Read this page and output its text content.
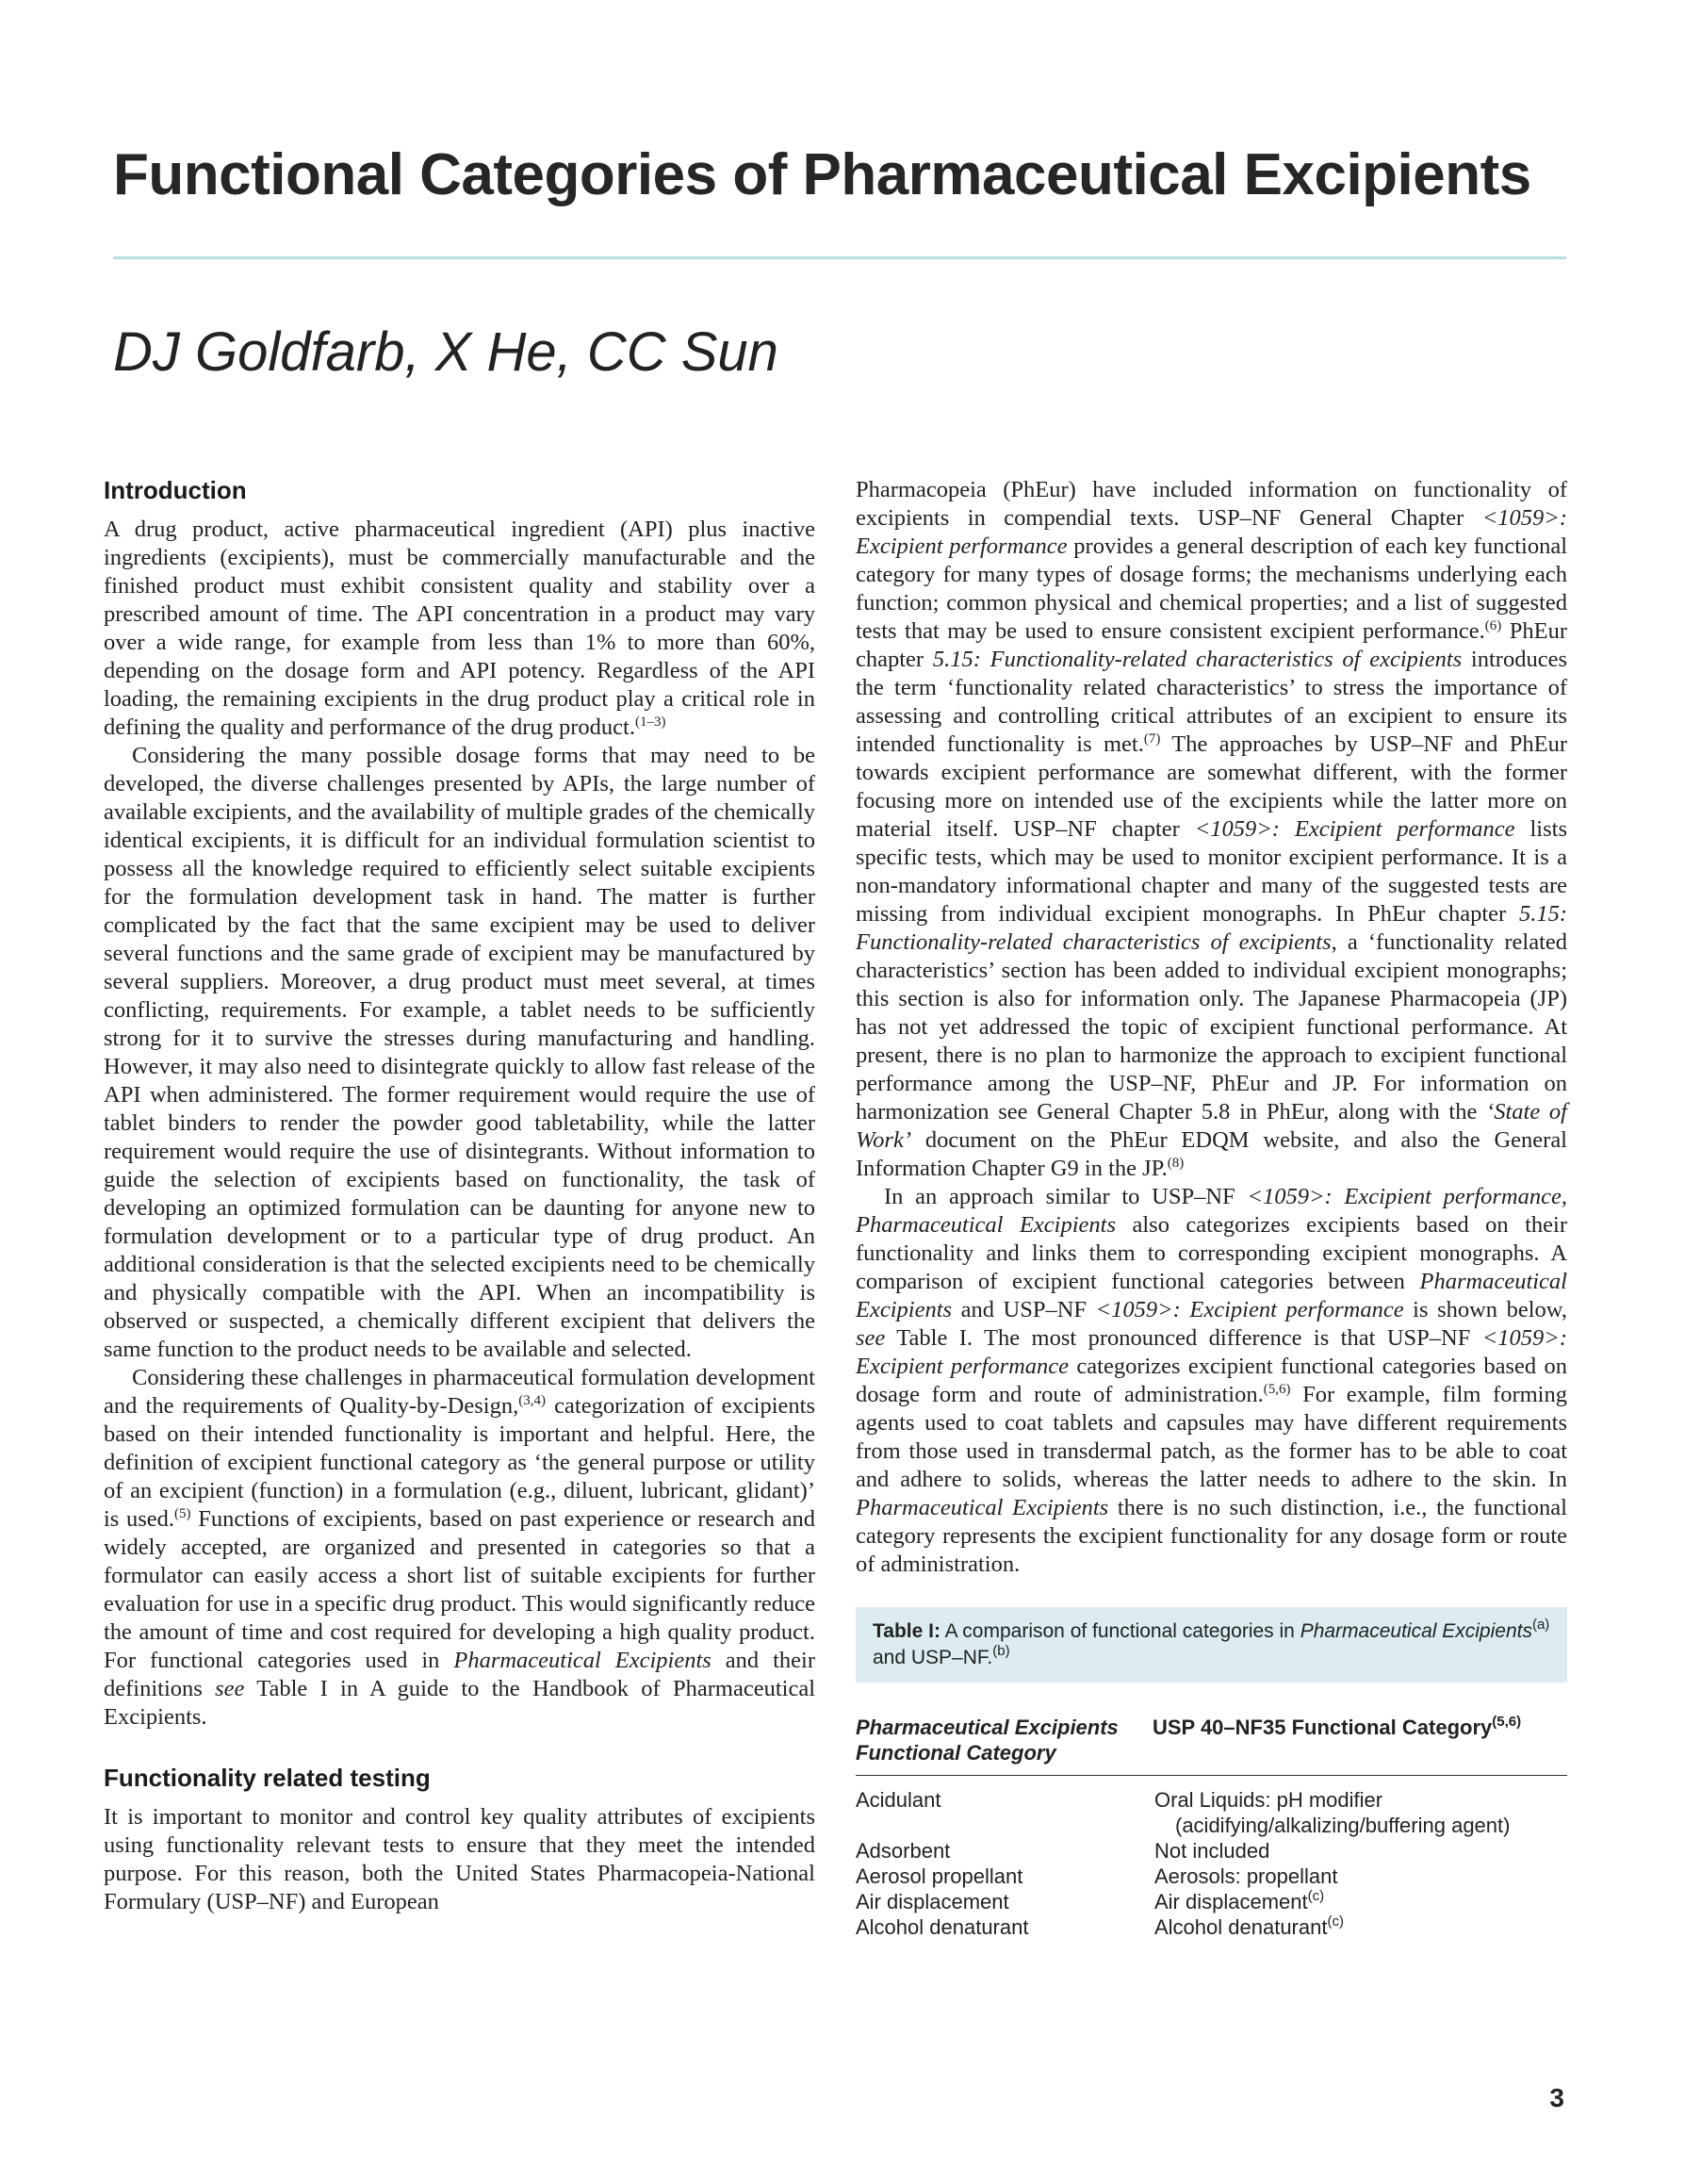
Functional Categories of Pharmaceutical Excipients
DJ Goldfarb, X He, CC Sun
Introduction

A drug product, active pharmaceutical ingredient (API) plus inactive ingredients (excipients), must be commercially manufacturable and the finished product must exhibit consistent quality and stability over a prescribed amount of time. The API concentration in a product may vary over a wide range, for example from less than 1% to more than 60%, depending on the dosage form and API potency. Regardless of the API loading, the remaining excipients in the drug product play a critical role in defining the quality and performance of the drug product.$^{(1-3)}$

Considering the many possible dosage forms that may need to be developed, the diverse challenges presented by APIs, the large number of available excipients, and the availability of multiple grades of the chemically identical excipients, it is difficult for an individual formulation scientist to possess all the knowledge required to efficiently select suitable excipients for the formulation development task in hand. The matter is further complicated by the fact that the same excipient may be used to deliver several functions and the same grade of excipient may be manufactured by several suppliers. Moreover, a drug product must meet several, at times conflicting, requirements. For example, a tablet needs to be sufficiently strong for it to survive the stresses during manufacturing and handling. However, it may also need to disintegrate quickly to allow fast release of the API when administered. The former requirement would require the use of tablet binders to render the powder good tabletability, while the latter requirement would require the use of disintegrants. Without information to guide the selection of excipients based on functionality, the task of developing an optimized formulation can be daunting for anyone new to formulation development or to a particular type of drug product. An additional consideration is that the selected excipients need to be chemically and physically compatible with the API. When an incompatibility is observed or suspected, a chemically different excipient that delivers the same function to the product needs to be available and selected.

Considering these challenges in pharmaceutical formulation development and the requirements of Quality-by-Design,$^{(3,4)}$ categorization of excipients based on their intended functionality is important and helpful. Here, the definition of excipient functional category as ‘the general purpose or utility of an excipient (function) in a formulation (e.g., diluent, lubricant, glidant)’ is used.$^{(5)}$ Functions of excipients, based on past experience or research and widely accepted, are organized and presented in categories so that a formulator can easily access a short list of suitable excipients for further evaluation for use in a specific drug product. This would significantly reduce the amount of time and cost required for developing a high quality product. For functional categories used in Pharmaceutical Excipients and their definitions see Table I in A guide to the Handbook of Pharmaceutical Excipients.

Functionality related testing

It is important to monitor and control key quality attributes of excipients using functionality relevant tests to ensure that they meet the intended purpose. For this reason, both the United States Pharmacopeia-National Formulary (USP–NF) and European

Pharmacopeia (PhEur) have included information on functionality of excipients in compendial texts. USP–NF General Chapter <1059>: Excipient performance provides a general description of each key functional category for many types of dosage forms; the mechanisms underlying each function; common physical and chemical properties; and a list of suggested tests that may be used to ensure consistent excipient performance.$^{(6)}$ PhEur chapter 5.15: Functionality-related characteristics of excipients introduces the term ‘functionality related characteristics’ to stress the importance of assessing and controlling critical attributes of an excipient to ensure its intended functionality is met.$^{(7)}$ The approaches by USP–NF and PhEur towards excipient performance are somewhat different, with the former focusing more on intended use of the excipients while the latter more on material itself. USP–NF chapter <1059>: Excipient performance lists specific tests, which may be used to monitor excipient performance. It is a non-mandatory informational chapter and many of the suggested tests are missing from individual excipient monographs. In PhEur chapter 5.15: Functionality-related characteristics of excipients, a ‘functionality related characteristics’ section has been added to individual excipient monographs; this section is also for information only. The Japanese Pharmacopeia (JP) has not yet addressed the topic of excipient functional performance. At present, there is no plan to harmonize the approach to excipient functional performance among the USP–NF, PhEur and JP. For information on harmonization see General Chapter 5.8 in PhEur, along with the ‘State of Work’ document on the PhEur EDQM website, and also the General Information Chapter G9 in the JP.$^{(8)}$

In an approach similar to USP–NF <1059>: Excipient performance, Pharmaceutical Excipients also categorizes excipients based on their functionality and links them to corresponding excipient monographs. A comparison of excipient functional categories between Pharmaceutical Excipients and USP–NF <1059>: Excipient performance is shown below, see Table I. The most pronounced difference is that USP–NF <1059>: Excipient performance categorizes excipient functional categories based on dosage form and route of administration.$^{(5,6)}$ For example, film forming agents used to coat tablets and capsules may have different requirements from those used in transdermal patch, as the former has to be able to coat and adhere to solids, whereas the latter needs to adhere to the skin. In Pharmaceutical Excipients there is no such distinction, i.e., the functional category represents the excipient functionality for any dosage form or route of administration.

Table I: A comparison of functional categories in Pharmaceutical Excipients$^{(a)}$ and USP–NF.$^{(b)}$
Pharmaceutical Excipients Functional Category	USP 40–NF35 Functional Category$^{(5,6)}$
Acidulant	Oral Liquids: pH modifier (acidifying/alkalizing/buffering agent)

Adsorbent	Not included
Aerosol propellant	Aerosols: propellant
Air displacement	Air displacement$^{(c)}$
Alcohol denaturant	Alcohol denaturant$^{(c)}$
3
